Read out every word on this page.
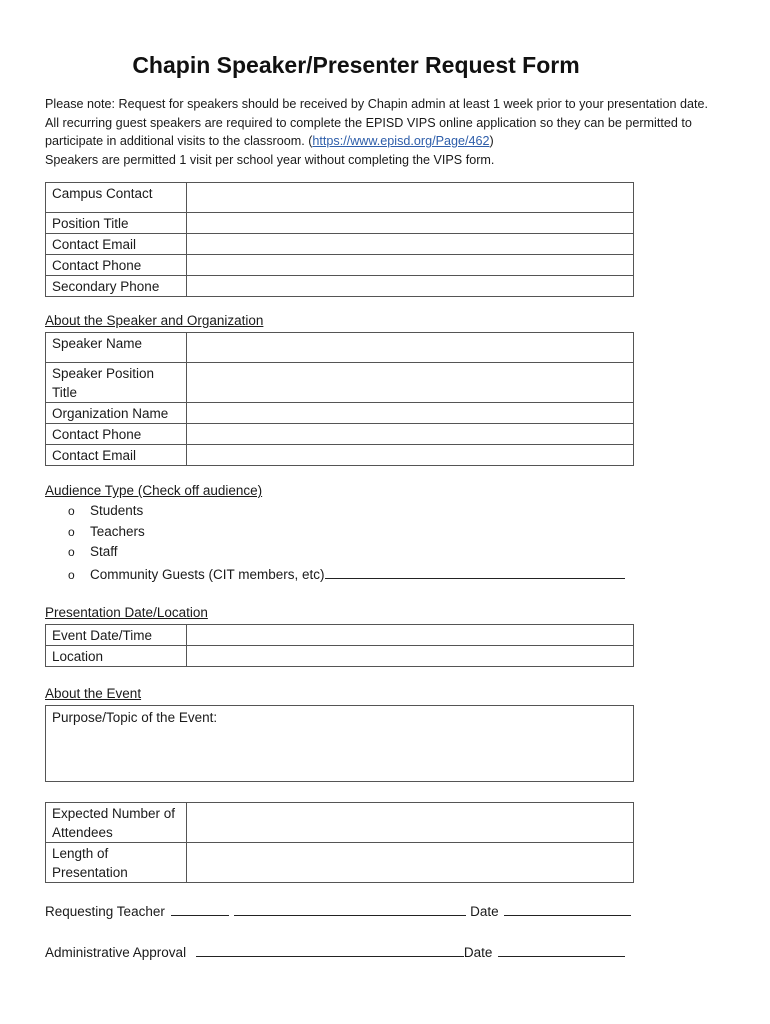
Chapin Speaker/Presenter Request Form
Please note: Request for speakers should be received by Chapin admin at least 1 week prior to your presentation date.
All recurring guest speakers are required to complete the EPISD VIPS online application so they can be permitted to
participate in additional visits to the classroom. (https://www.episd.org/Page/462)
Speakers are permitted 1 visit per school year without completing the VIPS form.
Campus Contact	
Position Title	
Contact Email	
Contact Phone	
Secondary Phone	
About the Speaker and Organization
Speaker Name	
Speaker Position Title	
Organization Name	
Contact Phone	
Contact Email	
Audience Type (Check off audience)
o Students
o Teachers
o Staff
o Community Guests (CIT members, etc)
Presentation Date/Location
Event Date/Time	
Location	
About the Event
Purpose/Topic of the Event:
Expected Number of Attendees	
Length of Presentation	
Requesting Teacher	Date
Administrative Approval	Date
